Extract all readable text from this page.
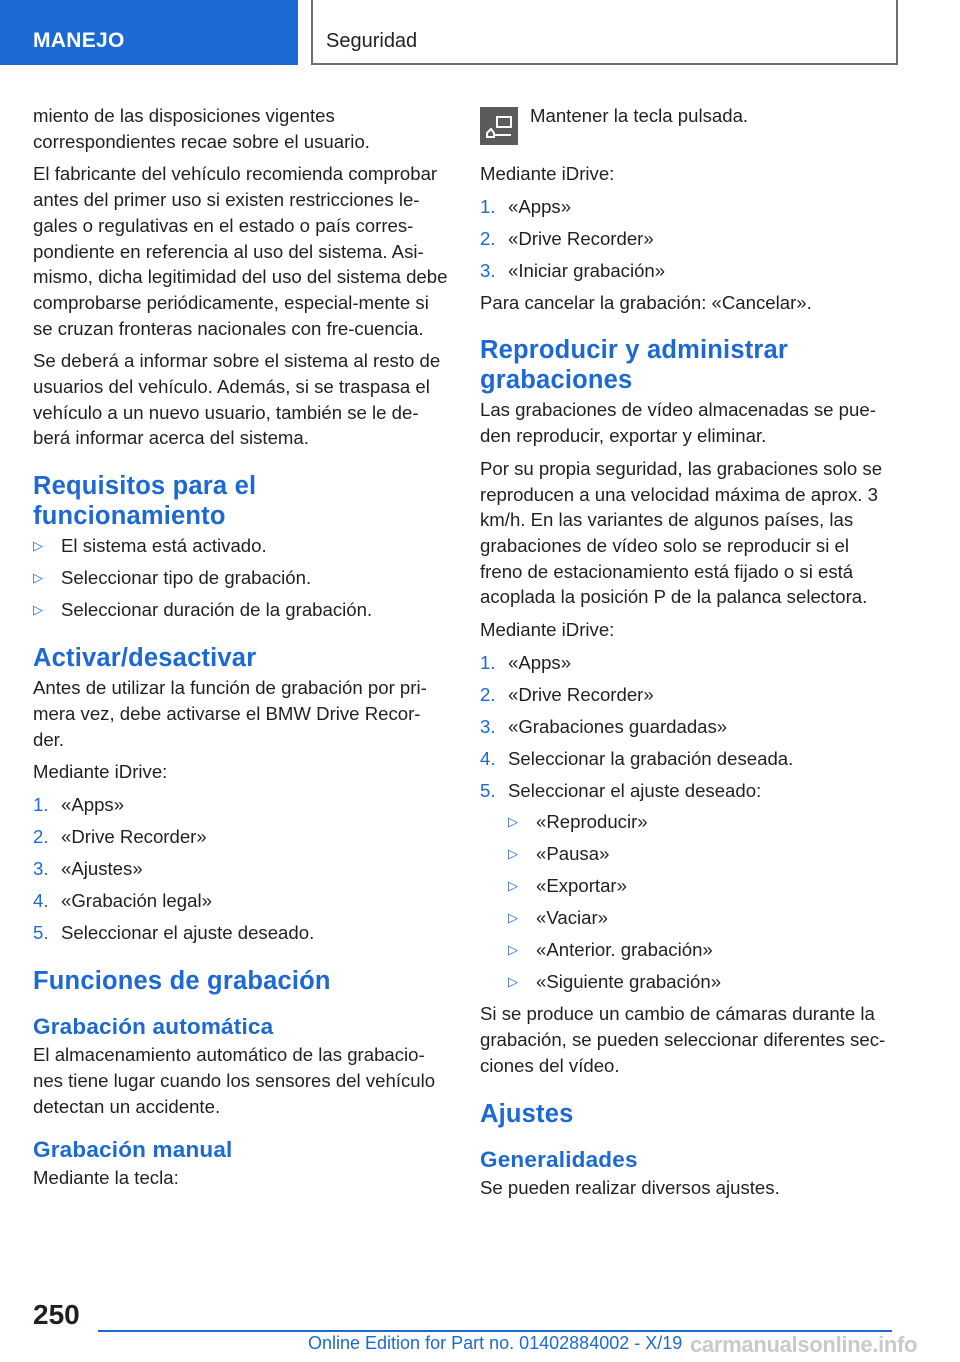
MANEJO	Seguridad

miento de las disposiciones vigentes correspondientes recae sobre el usuario.

El fabricante del vehículo recomienda comprobar antes del primer uso si existen restricciones le-gales o regulativas en el estado o país corres-pondiente en referencia al uso del sistema. Asi-mismo, dicha legitimidad del uso del sistema debe comprobarse periódicamente, especial-mente si se cruzan fronteras nacionales con fre-cuencia.

Se deberá a informar sobre el sistema al resto de usuarios del vehículo. Además, si se traspasa el vehículo a un nuevo usuario, también se le de-berá informar acerca del sistema.

Requisitos para el funcionamiento
▷ El sistema está activado.
▷ Seleccionar tipo de grabación.
▷ Seleccionar duración de la grabación.
Activar/desactivar

Antes de utilizar la función de grabación por pri-mera vez, debe activarse el BMW Drive Recor-der.

Mediante iDrive:

1. «Apps»
2. «Drive Recorder»
3. «Ajustes»
4. «Grabación legal»
5. Seleccionar el ajuste deseado.
Funciones de grabación
Grabación automática

El almacenamiento automático de las grabacio-nes tiene lugar cuando los sensores del vehículo detectan un accidente.

Grabación manual

Mediante la tecla:

Mantener la tecla pulsada.

Mediante iDrive:

1. «Apps»
2. «Drive Recorder»
3. «Iniciar grabación»

Para cancelar la grabación: «Cancelar».

Reproducir y administrar grabaciones

Las grabaciones de vídeo almacenadas se pue-den reproducir, exportar y eliminar.

Por su propia seguridad, las grabaciones solo se reproducen a una velocidad máxima de aprox. 3 km/h. En las variantes de algunos países, las grabaciones de vídeo solo se reproducir si el freno de estacionamiento está fijado o si está acoplada la posición P de la palanca selectora.

Mediante iDrive:

1. «Apps»
2. «Drive Recorder»
3. «Grabaciones guardadas»
4. Seleccionar la grabación deseada.
5. Seleccionar el ajuste deseado:
▷ «Reproducir»
▷ «Pausa»
▷ «Exportar»
▷ «Vaciar»
▷ «Anterior. grabación»
▷ «Siguiente grabación»

Si se produce un cambio de cámaras durante la grabación, se pueden seleccionar diferentes sec-ciones del vídeo.

Ajustes
Generalidades

Se pueden realizar diversos ajustes.

250
Online Edition for Part no. 01402884002 - X/19 carmanualsonline.info
